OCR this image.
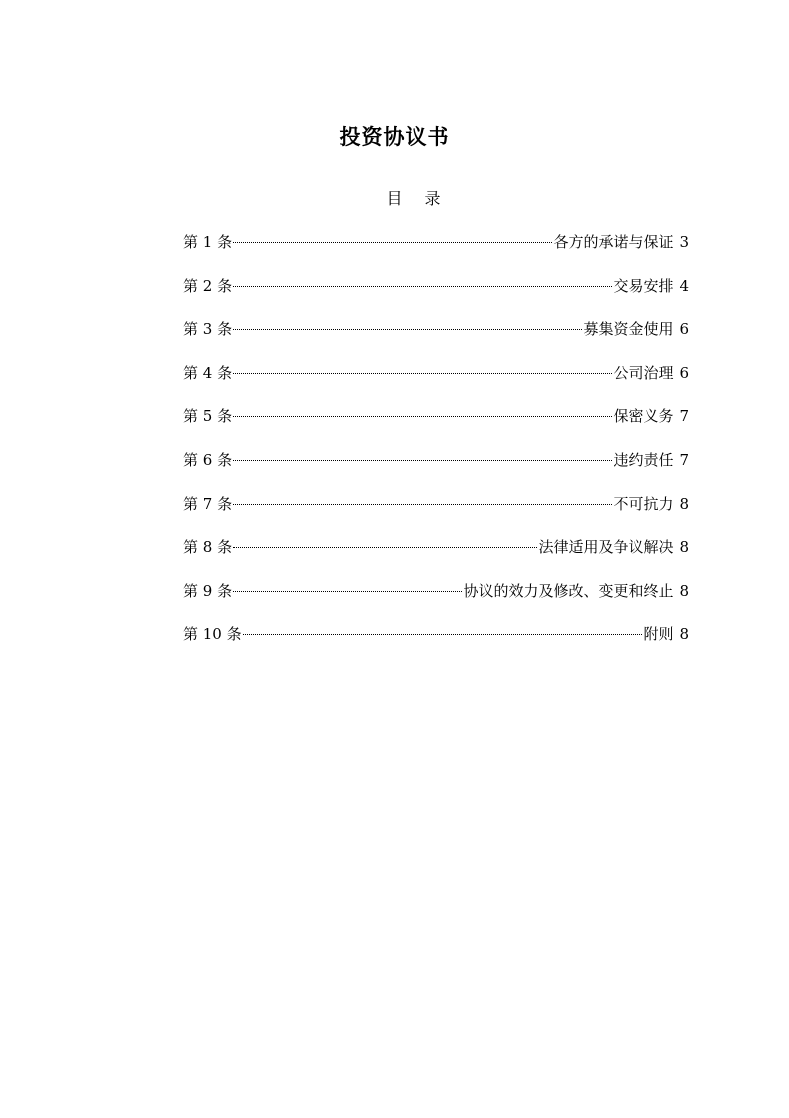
投资协议书
目 录
第 1 条	各方的承诺与保证 3
第 2 条	交易安排 4
第 3 条	募集资金使用 6
第 4 条	公司治理 6
第 5 条	保密义务 7
第 6 条	违约责任 7
第 7 条	不可抗力 8
第 8 条	法律适用及争议解决 8
第 9 条	协议的效力及修改、变更和终止 8
第 10 条	附则 8
